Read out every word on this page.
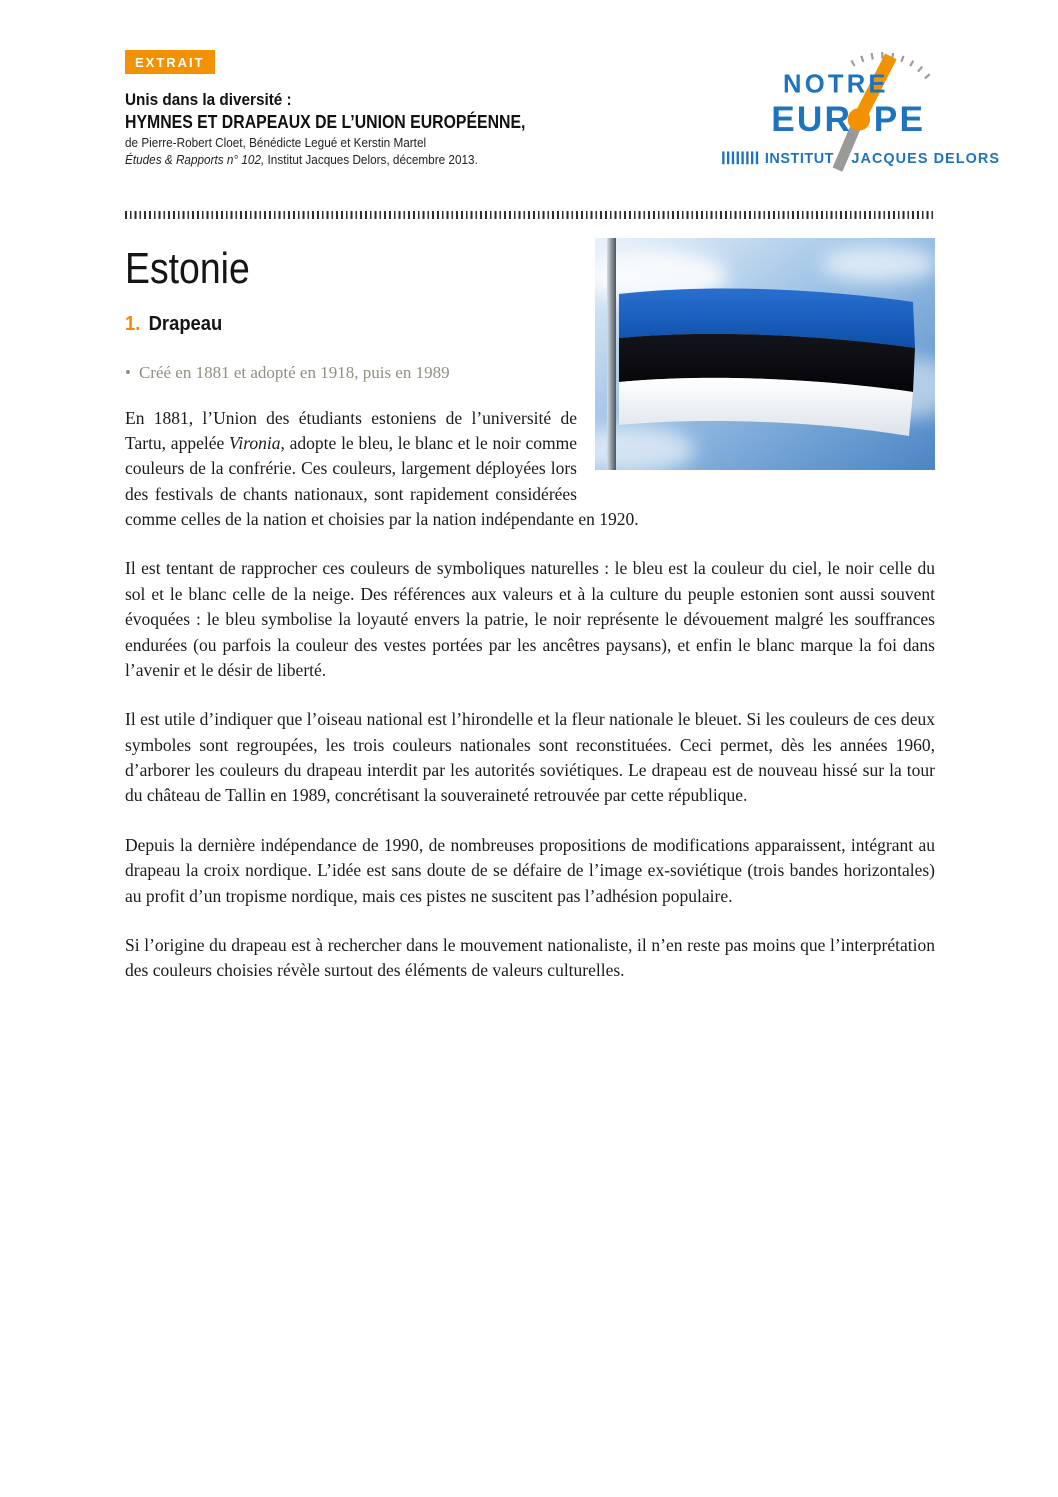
EXTRAIT
Unis dans la diversité :
HYMNES ET DRAPEAUX DE L’UNION EUROPÉENNE,
de Pierre-Robert Cloet, Bénédicte Legué et Kerstin Martel
Études & Rapports n° 102, Institut Jacques Delors, décembre 2013.
NOTRE
EUR PE
INSTITUT JACQUES DELORS
Estonie
1. Drapeau
• Créé en 1881 et adopté en 1918, puis en 1989

En 1881, l’Union des étudiants estoniens de l’université de Tartu, appelée Vironia, adopte le bleu, le blanc et le noir comme couleurs de la confrérie. Ces couleurs, largement déployées lors des festivals de chants nationaux, sont rapidement considérées comme celles de la nation et choisies par la nation indépendante en 1920.

Il est tentant de rapprocher ces couleurs de symboliques naturelles : le bleu est la couleur du ciel, le noir celle du sol et le blanc celle de la neige. Des références aux valeurs et à la culture du peuple estonien sont aussi souvent évoquées : le bleu symbolise la loyauté envers la patrie, le noir représente le dévouement malgré les souffrances endurées (ou parfois la couleur des vestes portées par les ancêtres paysans), et enfin le blanc marque la foi dans l’avenir et le désir de liberté.

Il est utile d’indiquer que l’oiseau national est l’hirondelle et la fleur nationale le bleuet. Si les couleurs de ces deux symboles sont regroupées, les trois couleurs nationales sont reconstituées. Ceci permet, dès les années 1960, d’arborer les couleurs du drapeau interdit par les autorités soviétiques. Le drapeau est de nouveau hissé sur la tour du château de Tallin en 1989, concrétisant la souveraineté retrouvée par cette république.

Depuis la dernière indépendance de 1990, de nombreuses propositions de modifications apparaissent, intégrant au drapeau la croix nordique. L’idée est sans doute de se défaire de l’image ex-soviétique (trois bandes horizontales) au profit d’un tropisme nordique, mais ces pistes ne suscitent pas l’adhésion populaire.

Si l’origine du drapeau est à rechercher dans le mouvement nationaliste, il n’en reste pas moins que l’interprétation des couleurs choisies révèle surtout des éléments de valeurs culturelles.
